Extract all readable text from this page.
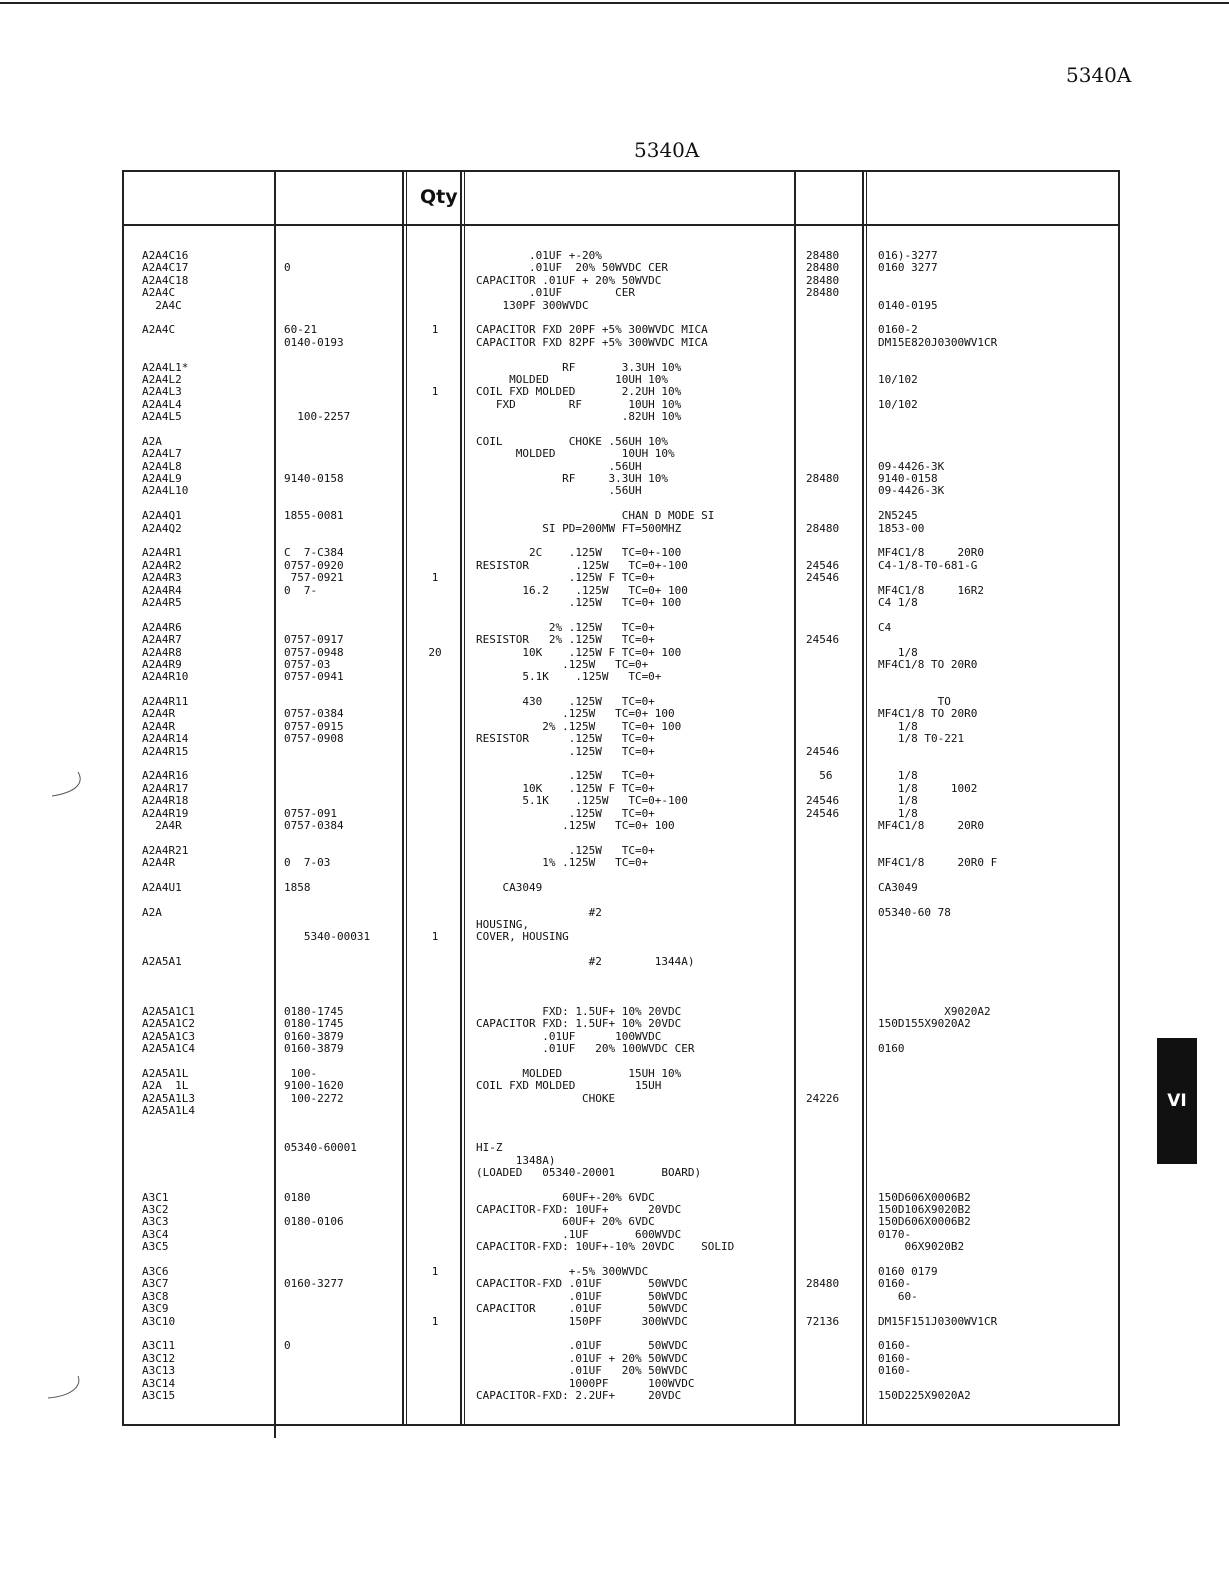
5340A
5340A
Qty
A2A4C16
A2A4C17
A2A4C18
A2A4C
2A4C
A2A4C
A2A4L1*
A2A4L2
A2A4L3
A2A4L4
A2A4L5
A2A
A2A4L7
A2A4L8
A2A4L9
A2A4L10
A2A4Q1
A2A4Q2
A2A4R1
A2A4R2
A2A4R3
A2A4R4
A2A4R5
A2A4R6
A2A4R7
A2A4R8
A2A4R9
A2A4R10
A2A4R11
A2A4R
A2A4R
A2A4R14
A2A4R15
A2A4R16
A2A4R17
A2A4R18
A2A4R19
2A4R
A2A4R21
A2A4R
A2A4U1
A2A
A2A5A1
A2A5A1C1
A2A5A1C2
A2A5A1C3
A2A5A1C4
A2A5A1L
A2A  1L
A2A5A1L3
A2A5A1L4
A3C1
A3C2
A3C3
A3C4
A3C5
A3C6
A3C7
A3C8
A3C9
A3C10
A3C11
A3C12
A3C13
A3C14
A3C15
0
60-21
0140-0193
100-2257
9140-0158
1855-0081
C  7-C384
0757-0920
757-0921
0  7-
0757-0917
0757-0948
0757-03
0757-0941
0757-0384
0757-0915
0757-0908
0757-091
0757-0384
0  7-03
1858
5340-00031
0180-1745
0180-1745
0160-3879
0160-3879
100-
9100-1620
100-2272
05340-60001
0180
0180-0106
0160-3277
0
1
1
1
20
1
1
1
.01UF +-20%
.01UF  20% 50WVDC CER
CAPACITOR .01UF + 20% 50WVDC
.01UF        CER
130PF 300WVDC
CAPACITOR FXD 20PF +5% 300WVDC MICA
CAPACITOR FXD 82PF +5% 300WVDC MICA
RF       3.3UH 10%
MOLDED          10UH 10%
COIL FXD MOLDED       2.2UH 10%
FXD        RF       10UH 10%
.82UH 10%
COIL          CHOKE .56UH 10%
MOLDED          10UH 10%
.56UH
RF     3.3UH 10%
.56UH
CHAN D MODE SI
SI PD=200MW FT=500MHZ
2C    .125W   TC=0+-100
RESISTOR       .125W   TC=0+-100
.125W F TC=0+
16.2    .125W   TC=0+ 100
.125W   TC=0+ 100
2% .125W   TC=0+
RESISTOR   2% .125W   TC=0+
10K    .125W F TC=0+ 100
.125W   TC=0+
5.1K    .125W   TC=0+
430    .125W   TC=0+
.125W   TC=0+ 100
2% .125W    TC=0+ 100
RESISTOR      .125W   TC=0+
.125W   TC=0+
.125W   TC=0+
10K    .125W F TC=0+
5.1K    .125W   TC=0+-100
.125W   TC=0+
.125W   TC=0+ 100
.125W   TC=0+
1% .125W   TC=0+
CA3049
#2
HOUSING,
COVER, HOUSING
#2        1344A)
FXD: 1.5UF+ 10% 20VDC
CAPACITOR FXD: 1.5UF+ 10% 20VDC
.01UF      100WVDC
.01UF   20% 100WVDC CER
MOLDED          15UH 10%
COIL FXD MOLDED         15UH
CHOKE
HI-Z
1348A)
(LOADED   05340-20001       BOARD)
60UF+-20% 6VDC
CAPACITOR-FXD: 10UF+      20VDC
60UF+ 20% 6VDC
.1UF       600WVDC
CAPACITOR-FXD: 10UF+-10% 20VDC    SOLID
+-5% 300WVDC
CAPACITOR-FXD .01UF       50WVDC
.01UF       50WVDC
CAPACITOR     .01UF       50WVDC
150PF      300WVDC
.01UF       50WVDC
.01UF + 20% 50WVDC
.01UF   20% 50WVDC
1000PF      100WVDC
CAPACITOR-FXD: 2.2UF+     20VDC
28480
28480
28480
28480
28480
28480
24546
24546
24546
24546
56
24546
24546
24226
28480
72136
016)-3277
0160 3277
0140-0195
0160-2
DM15E820J0300WV1CR
10/102
10/102
09-4426-3K
9140-0158
09-4426-3K
2N5245
1853-00
MF4C1/8     20R0
C4-1/8-T0-681-G
MF4C1/8     16R2
C4 1/8
C4
1/8
MF4C1/8 TO 20R0
TO
MF4C1/8 TO 20R0
1/8
1/8 T0-221
1/8
1/8     1002
1/8
1/8
MF4C1/8     20R0
MF4C1/8     20R0 F
CA3049
05340-60 78
X9020A2
150D155X9020A2
0160
150D606X0006B2
150D106X9020B2
150D606X0006B2
0170-
06X9020B2
0160 0179
0160-
60-
DM15F151J0300WV1CR
0160-
0160-
0160-
150D225X9020A2
VI
